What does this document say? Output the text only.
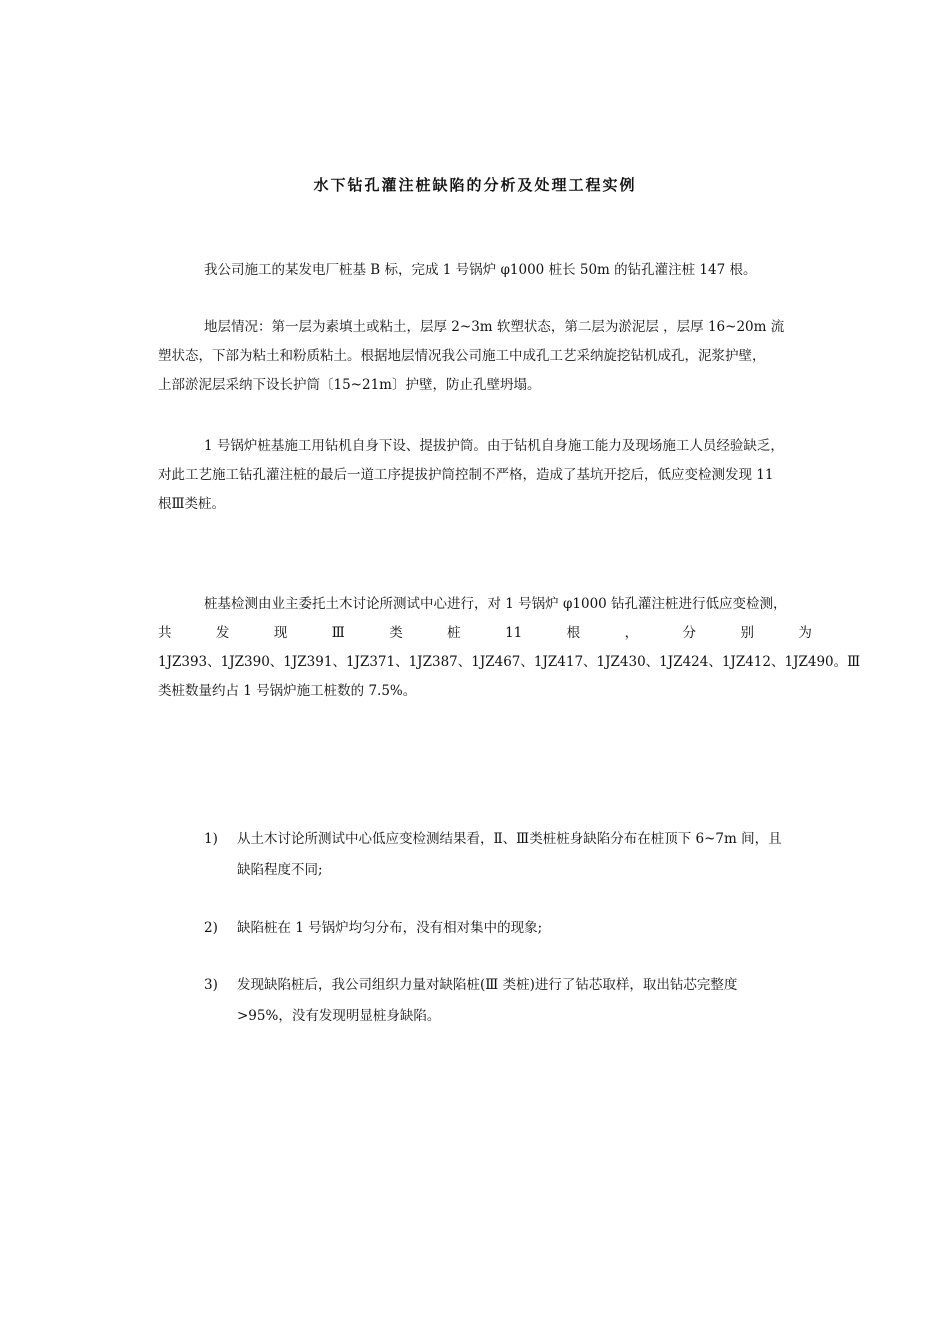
水下钻孔灌注桩缺陷的分析及处理工程实例
我公司施工的某发电厂桩基 B 标，完成 1 号锅炉 φ1000 桩长 50m 的钻孔灌注桩 147 根。
地层情况：第一层为素填土或粘土，层厚 2~3m 软塑状态，第二层为淤泥层 ，层厚 16~20m 流
塑状态，下部为粘土和粉质粘土。根据地层情况我公司施工中成孔工艺采纳旋挖钻机成孔，泥浆护壁，
上部淤泥层采纳下设长护筒〔15~21m〕护壁，防止孔壁坍塌。
1 号锅炉桩基施工用钻机自身下设、提拔护筒。由于钻机自身施工能力及现场施工人员经验缺乏，
对此工艺施工钻孔灌注桩的最后一道工序提拔护筒控制不严格，造成了基坑开挖后，低应变检测发现 11
根Ⅲ类桩。
桩基检测由业主委托土木讨论所测试中心进行，对 1 号锅炉 φ1000 钻孔灌注桩进行低应变检测，
共	发	现	Ⅲ	类	桩	11	根	，	分	别	为
1JZ393、1JZ390、1JZ391、1JZ371、1JZ387、1JZ467、1JZ417、1JZ430、1JZ424、1JZ412、1JZ490。Ⅲ
类桩数量约占 1 号锅炉施工桩数的 7.5%。
1)	从土木讨论所测试中心低应变检测结果看，Ⅱ、Ⅲ类桩桩身缺陷分布在桩顶下 6~7m 间，且
缺陷程度不同;
2)	缺陷桩在 1 号锅炉均匀分布，没有相对集中的现象;
3)	发现缺陷桩后，我公司组织力量对缺陷桩(Ⅲ 类桩)进行了钻芯取样，取出钻芯完整度
>95%，没有发现明显桩身缺陷。
